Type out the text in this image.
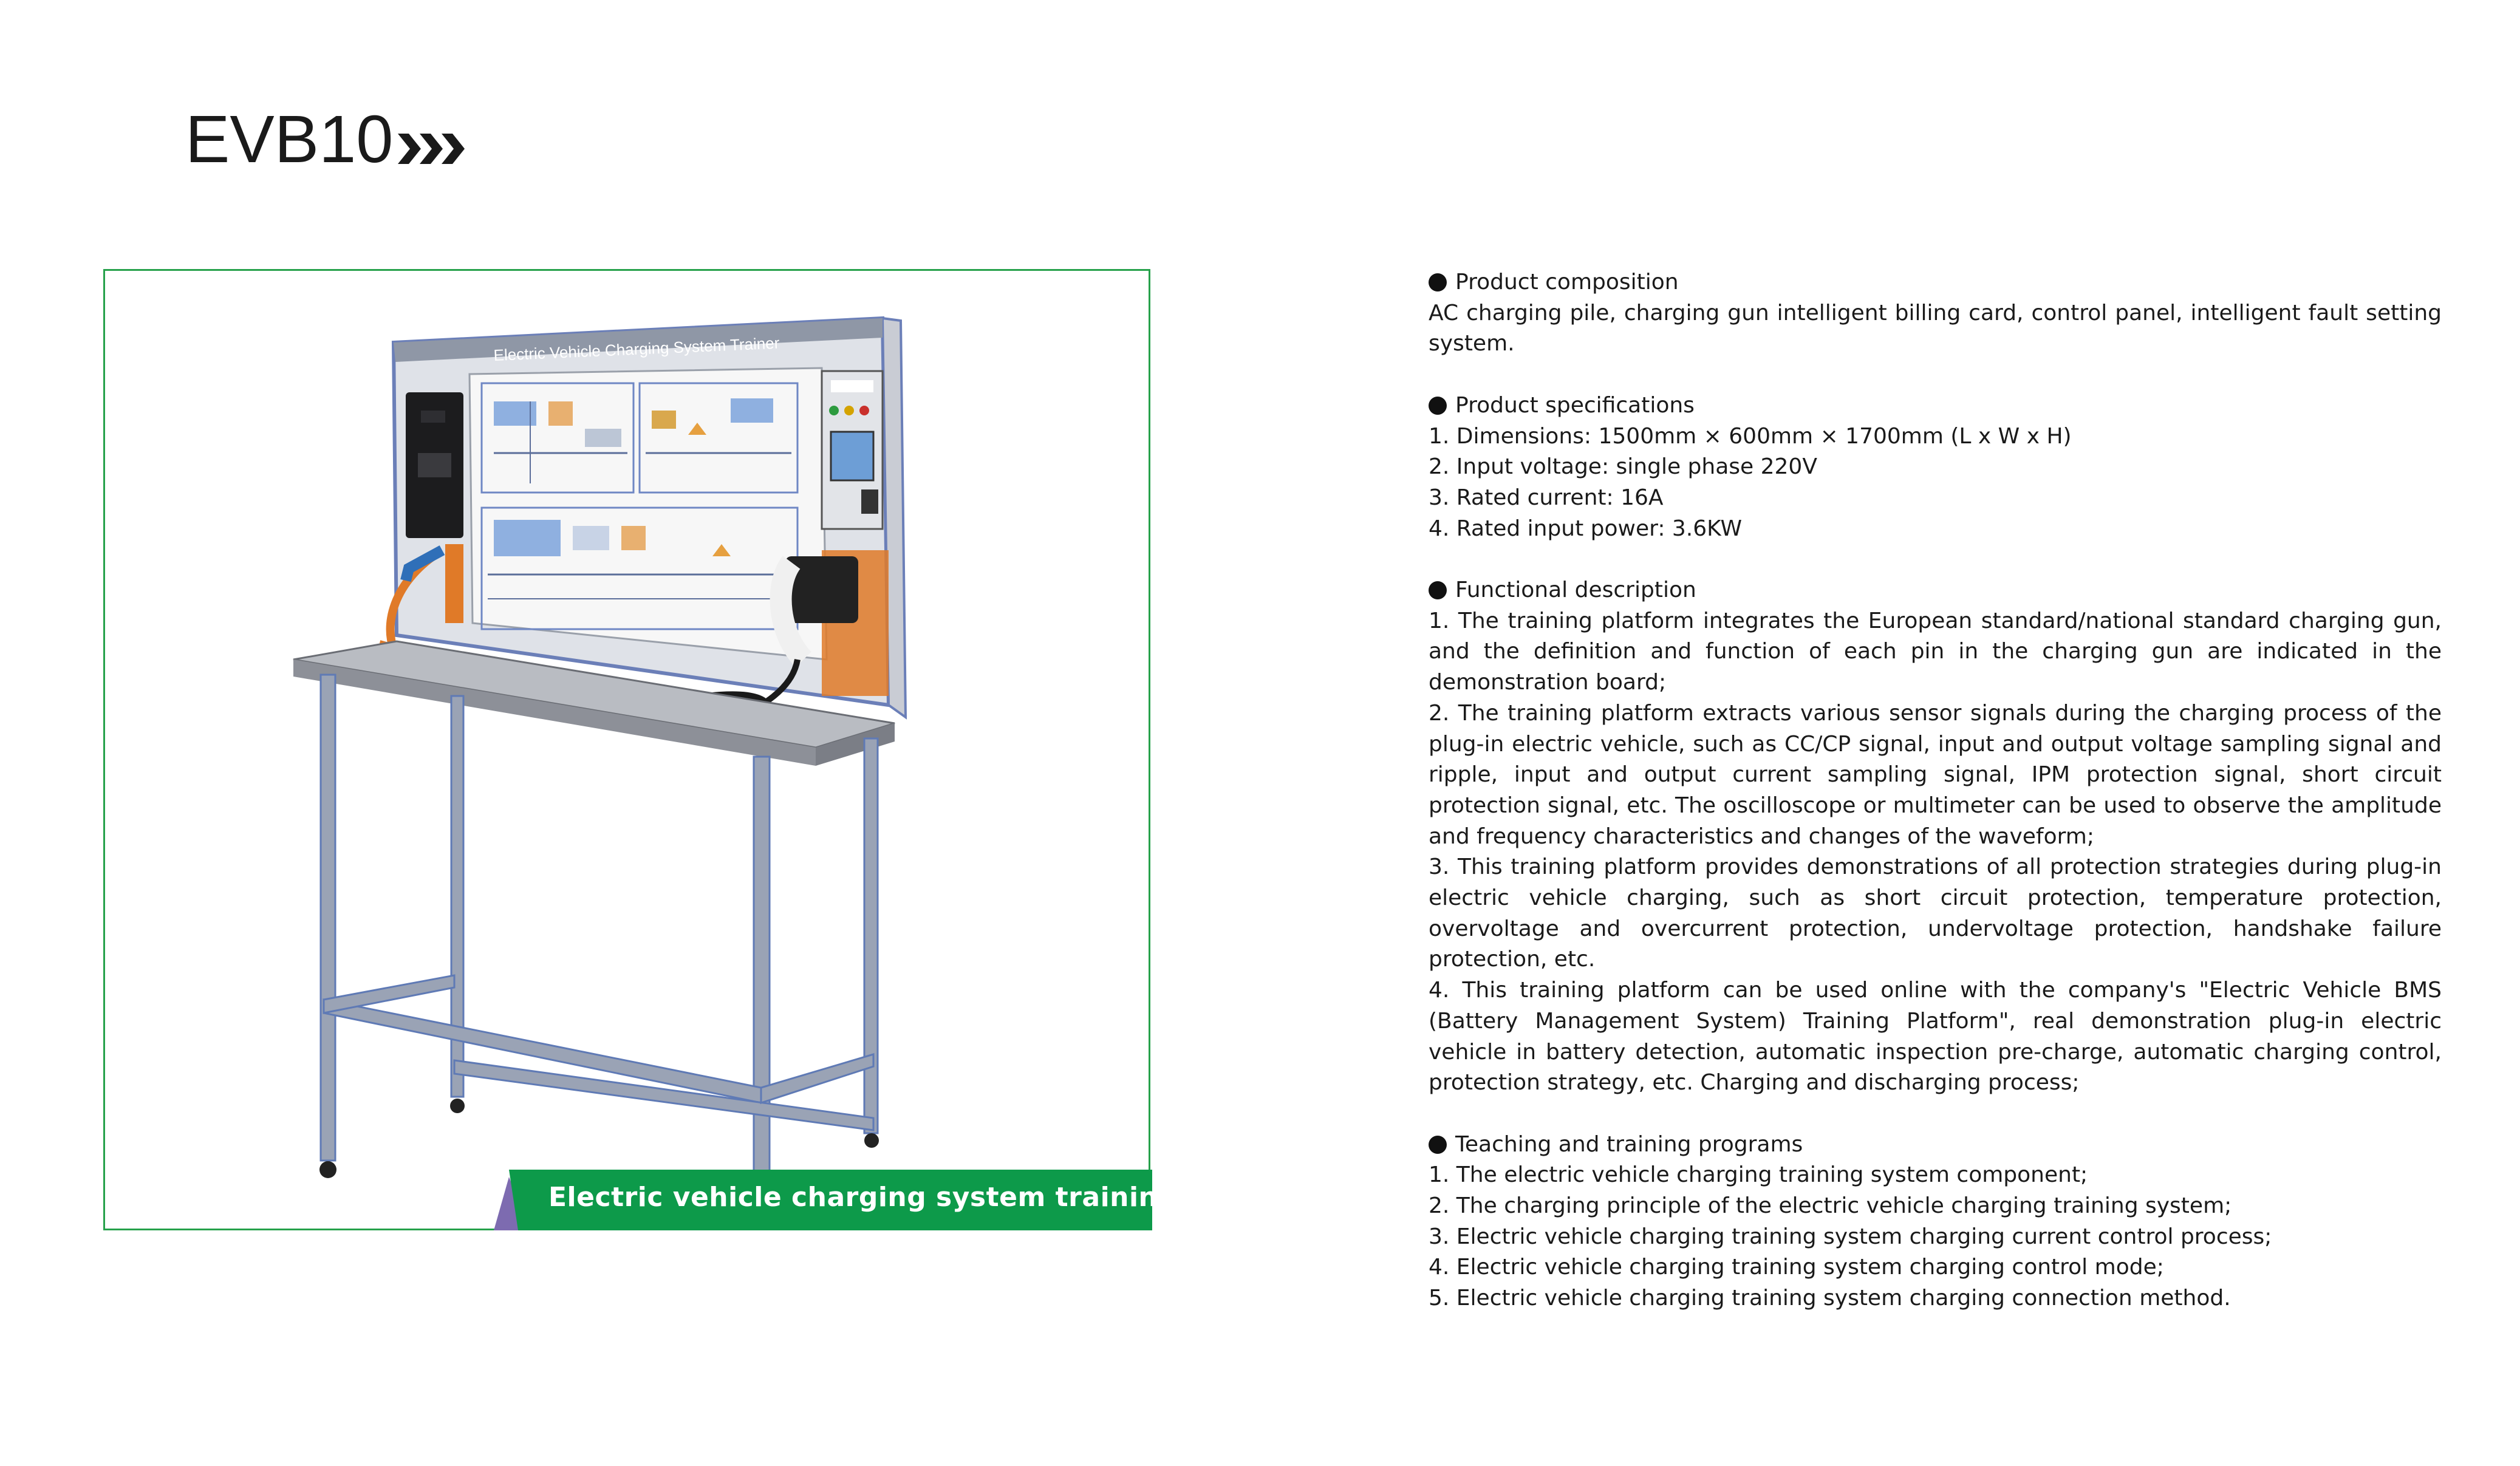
EVB10
Electric Vehicle Charging System Trainer
Electric vehicle charging system training
Product composition
AC charging pile, charging gun intelligent billing card, control panel, intelligent fault setting system.
Product specifications
1. Dimensions: 1500mm × 600mm × 1700mm (L x W x H)
2. Input voltage: single phase 220V
3. Rated current: 16A
4. Rated input power: 3.6KW
Functional description
1. The training platform integrates the European standard/national standard charging gun, and the definition and function of each pin in the charging gun are indicated in the demonstration board;
2. The training platform extracts various sensor signals during the charging process of the plug-in electric vehicle, such as CC/CP signal, input and output voltage sampling signal and ripple, input and output current sampling signal, IPM protection signal, short circuit protection signal, etc. The oscilloscope or multimeter can be used to observe the amplitude and frequency characteristics and changes of the waveform;
3. This training platform provides demonstrations of all protection strategies during plug-in electric vehicle charging, such as short circuit protection, temperature protection, overvoltage and overcurrent protection, undervoltage protection, handshake failure protection, etc.
4. This training platform can be used online with the company's "Electric Vehicle BMS (Battery Management System) Training Platform", real demonstration plug-in electric vehicle in battery detection, automatic inspection pre-charge, automatic charging control, protection strategy, etc. Charging and discharging process;
Teaching and training programs
1. The electric vehicle charging training system component;
2. The charging principle of the electric vehicle charging training system;
3. Electric vehicle charging training system charging current control process;
4. Electric vehicle charging training system charging control mode;
5. Electric vehicle charging training system charging connection method.
